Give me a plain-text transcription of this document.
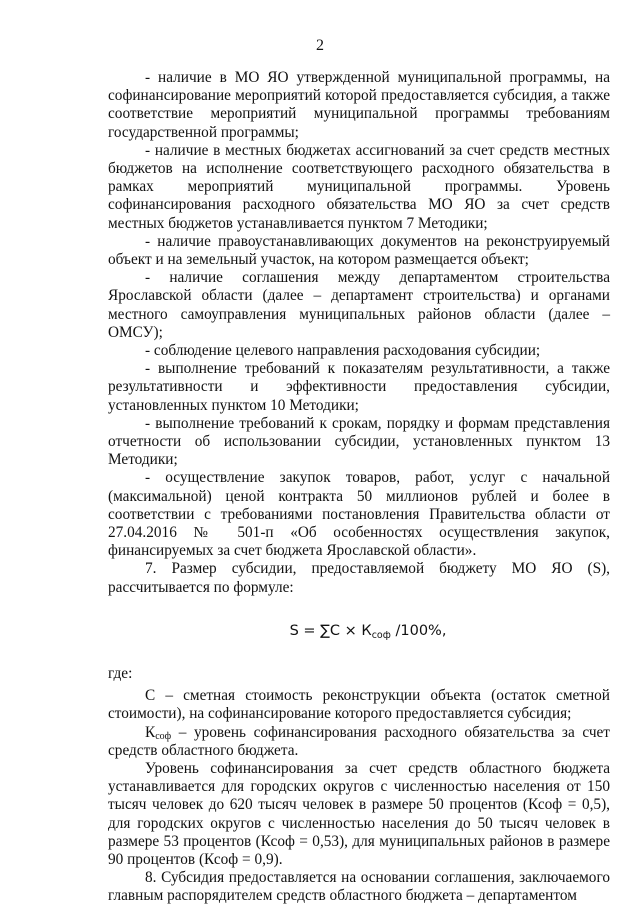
2

- наличие в МО ЯО утвержденной муниципальной программы, на софинансирование мероприятий которой предоставляется субсидия, а также соответствие мероприятий муниципальной программы требованиям государственной программы;

- наличие в местных бюджетах ассигнований за счет средств местных бюджетов на исполнение соответствующего расходного обязательства в рамках мероприятий муниципальной программы. Уровень софинансирования расходного обязательства МО ЯО за счет средств местных бюджетов устанавливается пунктом 7 Методики;

- наличие правоустанавливающих документов на реконструируемый объект и на земельный участок, на котором размещается объект;

- наличие соглашения между департаментом строительства Ярославской области (далее – департамент строительства) и органами местного самоуправления муниципальных районов области (далее – ОМСУ);

- соблюдение целевого направления расходования субсидии;

- выполнение требований к показателям результативности, а также результативности и эффективности предоставления субсидии, установленных пунктом 10 Методики;

- выполнение требований к срокам, порядку и формам представления отчетности об использовании субсидии, установленных пунктом 13 Методики;

- осуществление закупок товаров, работ, услуг с начальной (максимальной) ценой контракта 50 миллионов рублей и более в соответствии с требованиями постановления Правительства области от 27.04.2016 № 501-п «Об особенностях осуществления закупок, финансируемых за счет бюджета Ярославской области».

7. Размер субсидии, предоставляемой бюджету МО ЯО (S), рассчитывается по формуле:

$S = \sum C \times К_{соф}$ /100%,

где:

С – сметная стоимость реконструкции объекта (остаток сметной стоимости), на софинансирование которого предоставляется субсидия;

$К_{соф}$ – уровень софинансирования расходного обязательства за счет средств областного бюджета.

Уровень софинансирования за счет средств областного бюджета устанавливается для городских округов с численностью населения от 150 тысяч человек до 620 тысяч человек в размере 50 процентов (Ксоф = 0,5), для городских округов с численностью населения до 50 тысяч человек в размере 53 процентов (Ксоф = 0,53), для муниципальных районов в размере 90 процентов (Ксоф = 0,9).

8. Субсидия предоставляется на основании соглашения, заключаемого главным распорядителем средств областного бюджета – департаментом
